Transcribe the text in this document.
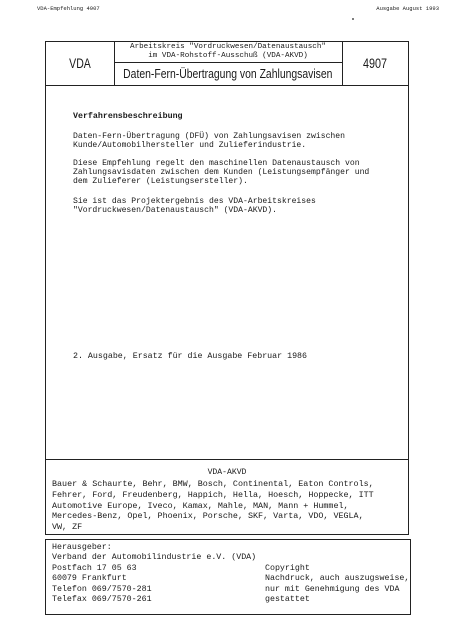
VDA-Empfehlung 4907	Ausgabe August 1993
VDA
Arbeitskreis "Vordruckwesen/Datenaustausch"
im VDA-Rohstoff-Ausschuß (VDA-AKVD)
Daten-Fern-Übertragung von Zahlungsavisen
4907
Verfahrensbeschreibung
Daten-Fern-Übertragung (DFÜ) von Zahlungsavisen zwischen
Kunde/Automobilhersteller und Zulieferindustrie.
Diese Empfehlung regelt den maschinellen Datenaustausch von
Zahlungsavisdaten zwischen dem Kunden (Leistungsempfänger und
dem Zulieferer (Leistungsersteller).
Sie ist das Projektergebnis des VDA-Arbeitskreises
"Vordruckwesen/Datenaustausch" (VDA-AKVD).
2. Ausgabe, Ersatz für die Ausgabe Februar 1986
VDA-AKVD
Bauer & Schaurte, Behr, BMW, Bosch, Continental, Eaton Controls,
Fehrer, Ford, Freudenberg, Happich, Hella, Hoesch, Hoppecke, ITT
Automotive Europe, Iveco, Kamax, Mahle, MAN, Mann + Hummel,
Mercedes-Benz, Opel, Phoenix, Porsche, SKF, Varta, VDO, VEGLA,
VW, ZF
Herausgeber:
Verband der Automobilindustrie e.V. (VDA)
Postfach 17 05 63
60079 Frankfurt
Telefon 069/7570-281
Telefax 069/7570-261
Copyright
Nachdruck, auch auszugsweise,
nur mit Genehmigung des VDA
gestattet
